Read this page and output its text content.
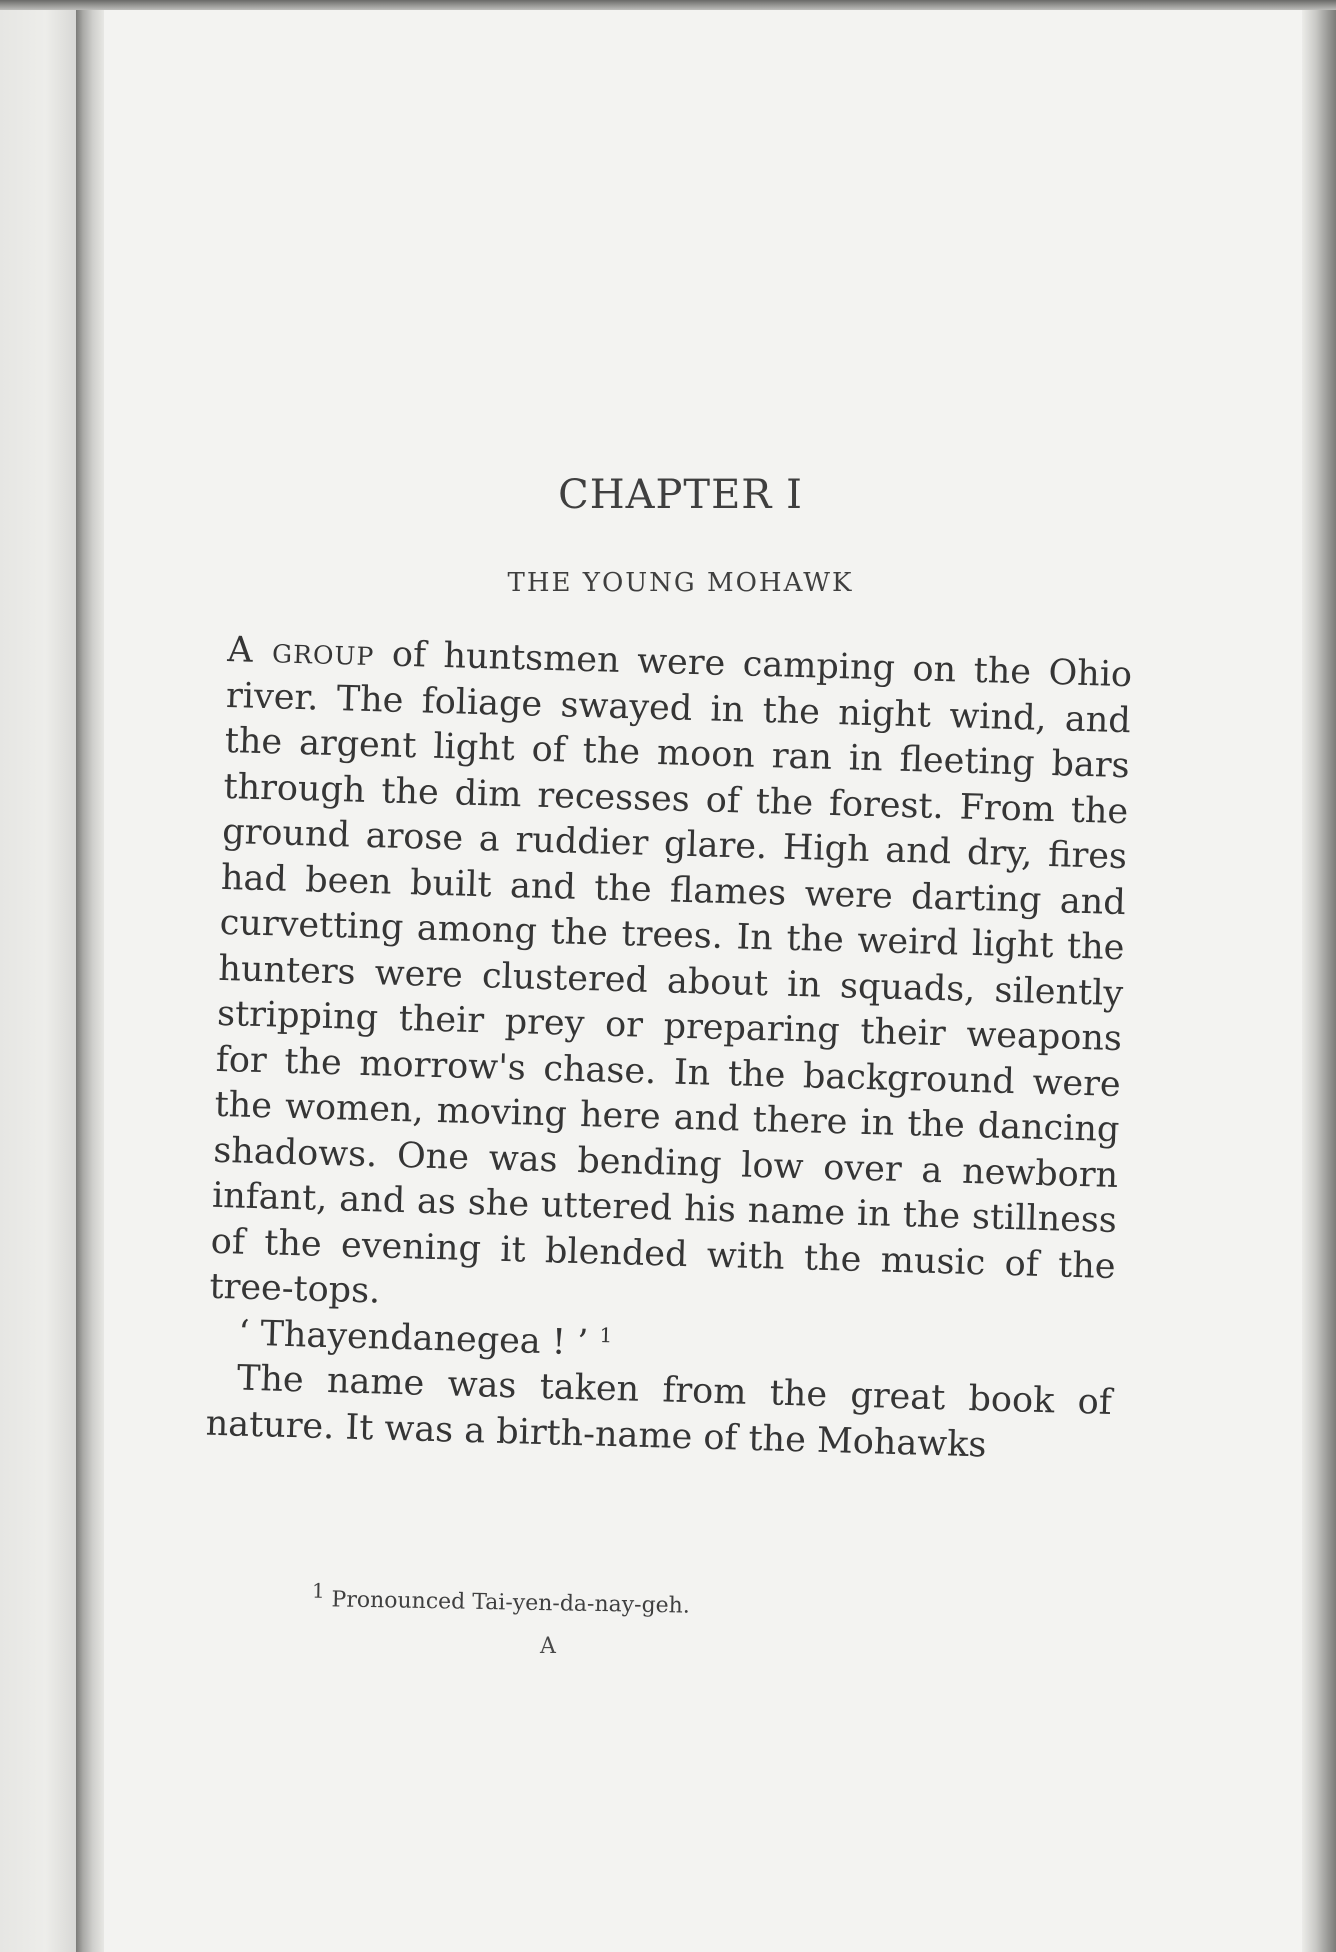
CHAPTER I
THE YOUNG MOHAWK

A group of huntsmen were camping on the Ohio river. The foliage swayed in the night wind, and the argent light of the moon ran in fleeting bars through the dim recesses of the forest. From the ground arose a ruddier glare. High and dry, fires had been built and the flames were darting and curvetting among the trees. In the weird light the hunters were clustered about in squads, silently stripping their prey or preparing their weapons for the morrow's chase. In the background were the women, moving here and there in the dancing shadows. One was bending low over a newborn infant, and as she uttered his name in the stillness of the evening it blended with the music of the tree-tops.

‘ Thayendanegea ! ’ $^1$

The name was taken from the great book of nature. It was a birth-name of the Mohawks

1 Pronounced Tai-yen-da-nay-geh.
A
